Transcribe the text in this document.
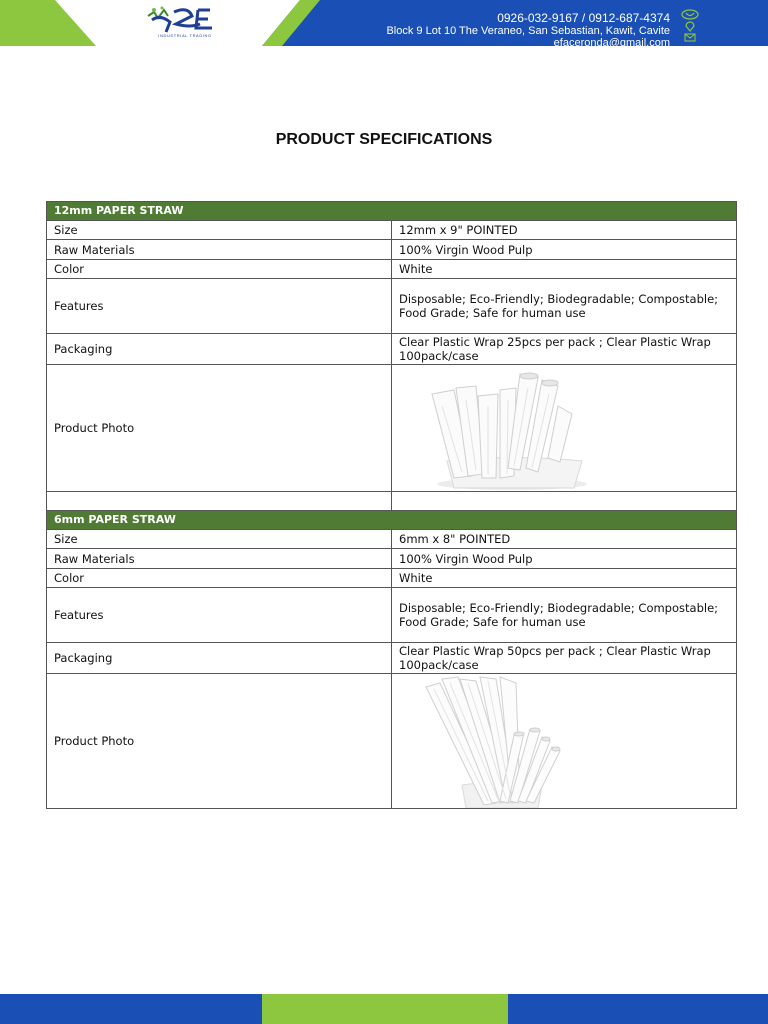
INDUSTRIAL TRADING
0926-032-9167 / 0912-687-4374
Block 9 Lot 10 The Veraneo, San Sebastian, Kawit, Cavite
efaceronda@gmail.com
PRODUCT SPECIFICATIONS
12mm PAPER STRAW	
Size	12mm x 9" POINTED
Raw Materials	100% Virgin Wood Pulp
Color	White
Features	Disposable; Eco-Friendly; Biodegradable; Compostable; Food Grade; Safe for human use
Packaging	Clear Plastic Wrap 25pcs per pack ; Clear Plastic Wrap 100pack/case
Product Photo	

6mm PAPER STRAW	
Size	6mm x 8" POINTED
Raw Materials	100% Virgin Wood Pulp
Color	White
Features	Disposable; Eco-Friendly; Biodegradable; Compostable; Food Grade; Safe for human use
Packaging	Clear Plastic Wrap 50pcs per pack ; Clear Plastic Wrap 100pack/case
Product Photo	
